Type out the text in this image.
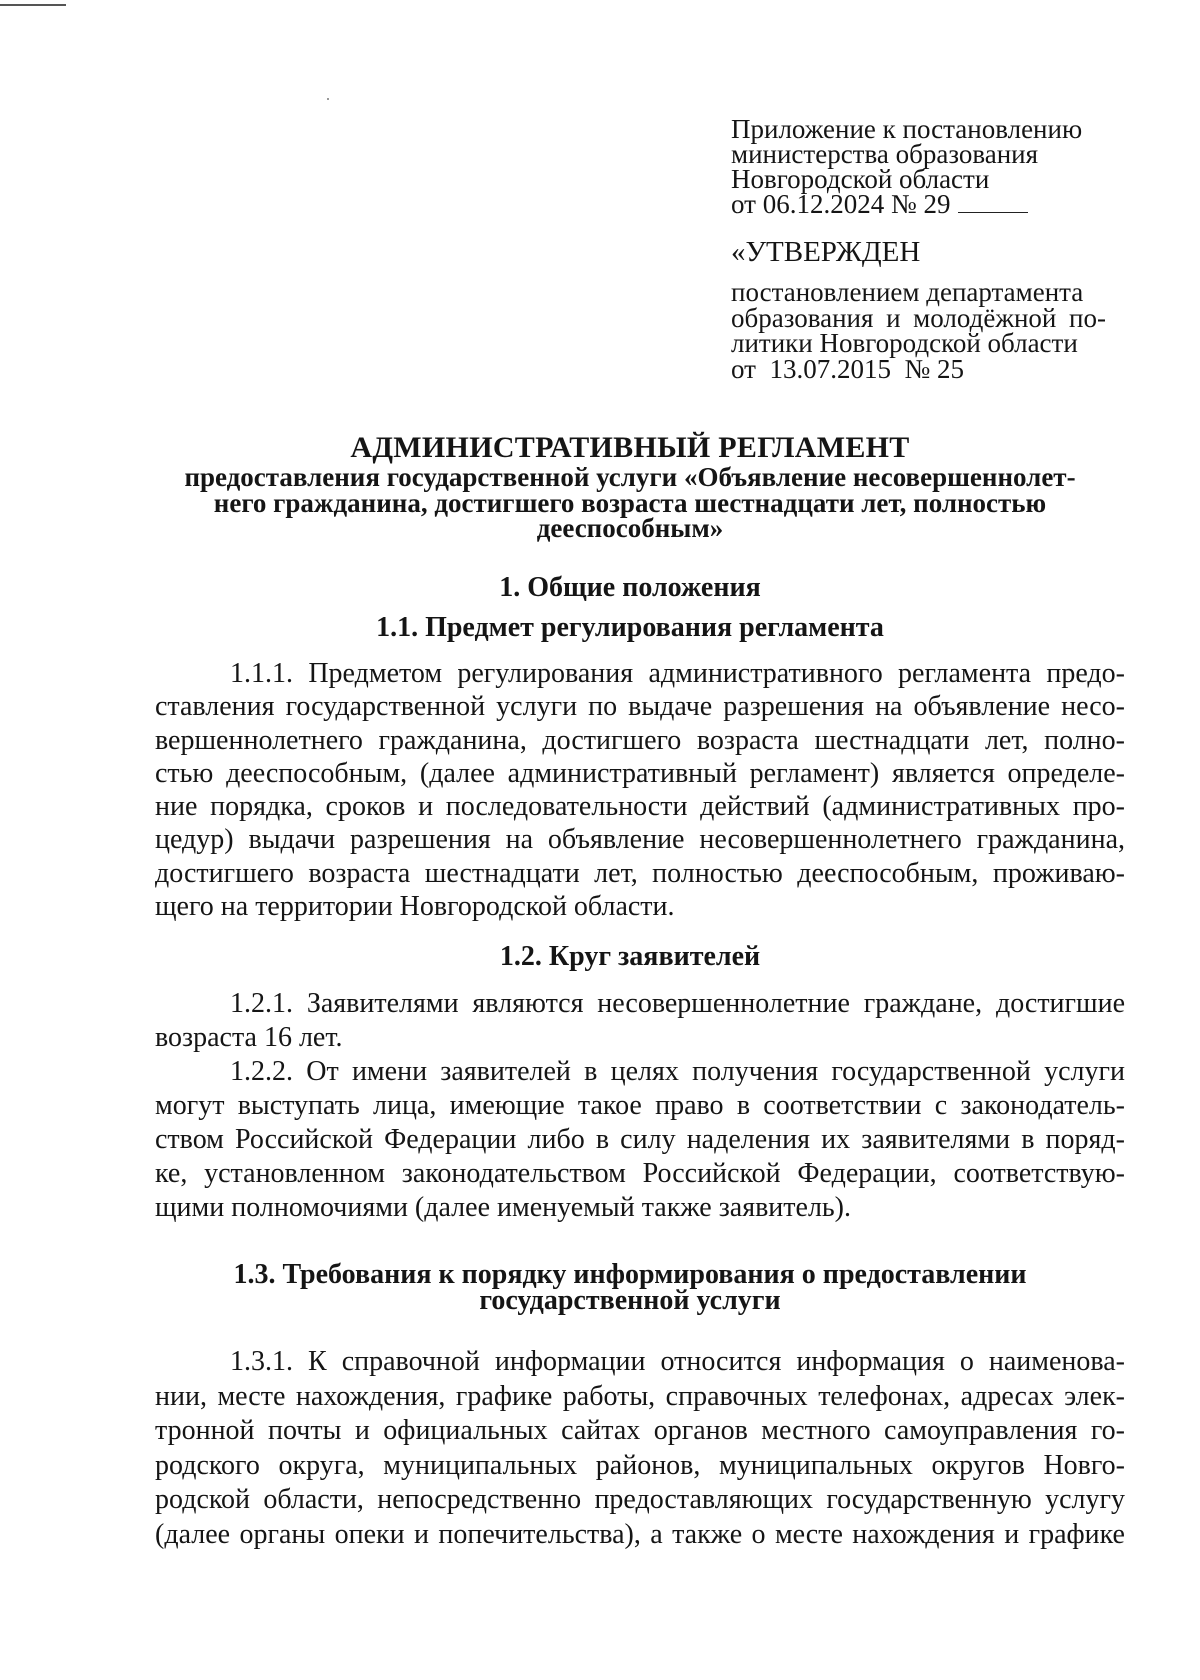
Приложение к постановлению
министерства образования
Новгородской области
от 06.12.2024 № 29
«УТВЕРЖДЕН
постановлением департамента
образования и молодёжной по-
литики Новгородской области
от  13.07.2015  № 25
АДМИНИСТРАТИВНЫЙ РЕГЛАМЕНТ
предоставления государственной услуги «Объявление несовершеннолет-
него гражданина, достигшего возраста шестнадцати лет, полностью
дееспособным»
1. Общие положения
1.1. Предмет регулирования регламента
1.1.1. Предметом регулирования административного регламента предо-
ставления государственной услуги по выдаче разрешения на объявление несо-
вершеннолетнего гражданина, достигшего возраста шестнадцати лет, полно-
стью дееспособным, (далее административный регламент) является определе-
ние порядка, сроков и последовательности действий (административных про-
цедур) выдачи разрешения на объявление несовершеннолетнего гражданина,
достигшего возраста шестнадцати лет, полностью дееспособным, проживаю-
щего на территории Новгородской области.
1.2. Круг заявителей
1.2.1. Заявителями являются несовершеннолетние граждане, достигшие
возраста 16 лет.
1.2.2. От имени заявителей в целях получения государственной услуги
могут выступать лица, имеющие такое право в соответствии с законодатель-
ством Российской Федерации либо в силу наделения их заявителями в поряд-
ке, установленном законодательством Российской Федерации, соответствую-
щими полномочиями (далее именуемый также заявитель).
1.3. Требования к порядку информирования о предоставлении
государственной услуги
1.3.1. К справочной информации относится информация о наименова-
нии, месте нахождения, графике работы, справочных телефонах, адресах элек-
тронной почты и официальных сайтах органов местного самоуправления го-
родского округа, муниципальных районов, муниципальных округов Новго-
родской области, непосредственно предоставляющих государственную услугу
(далее органы опеки и попечительства), а также о месте нахождения и графике
